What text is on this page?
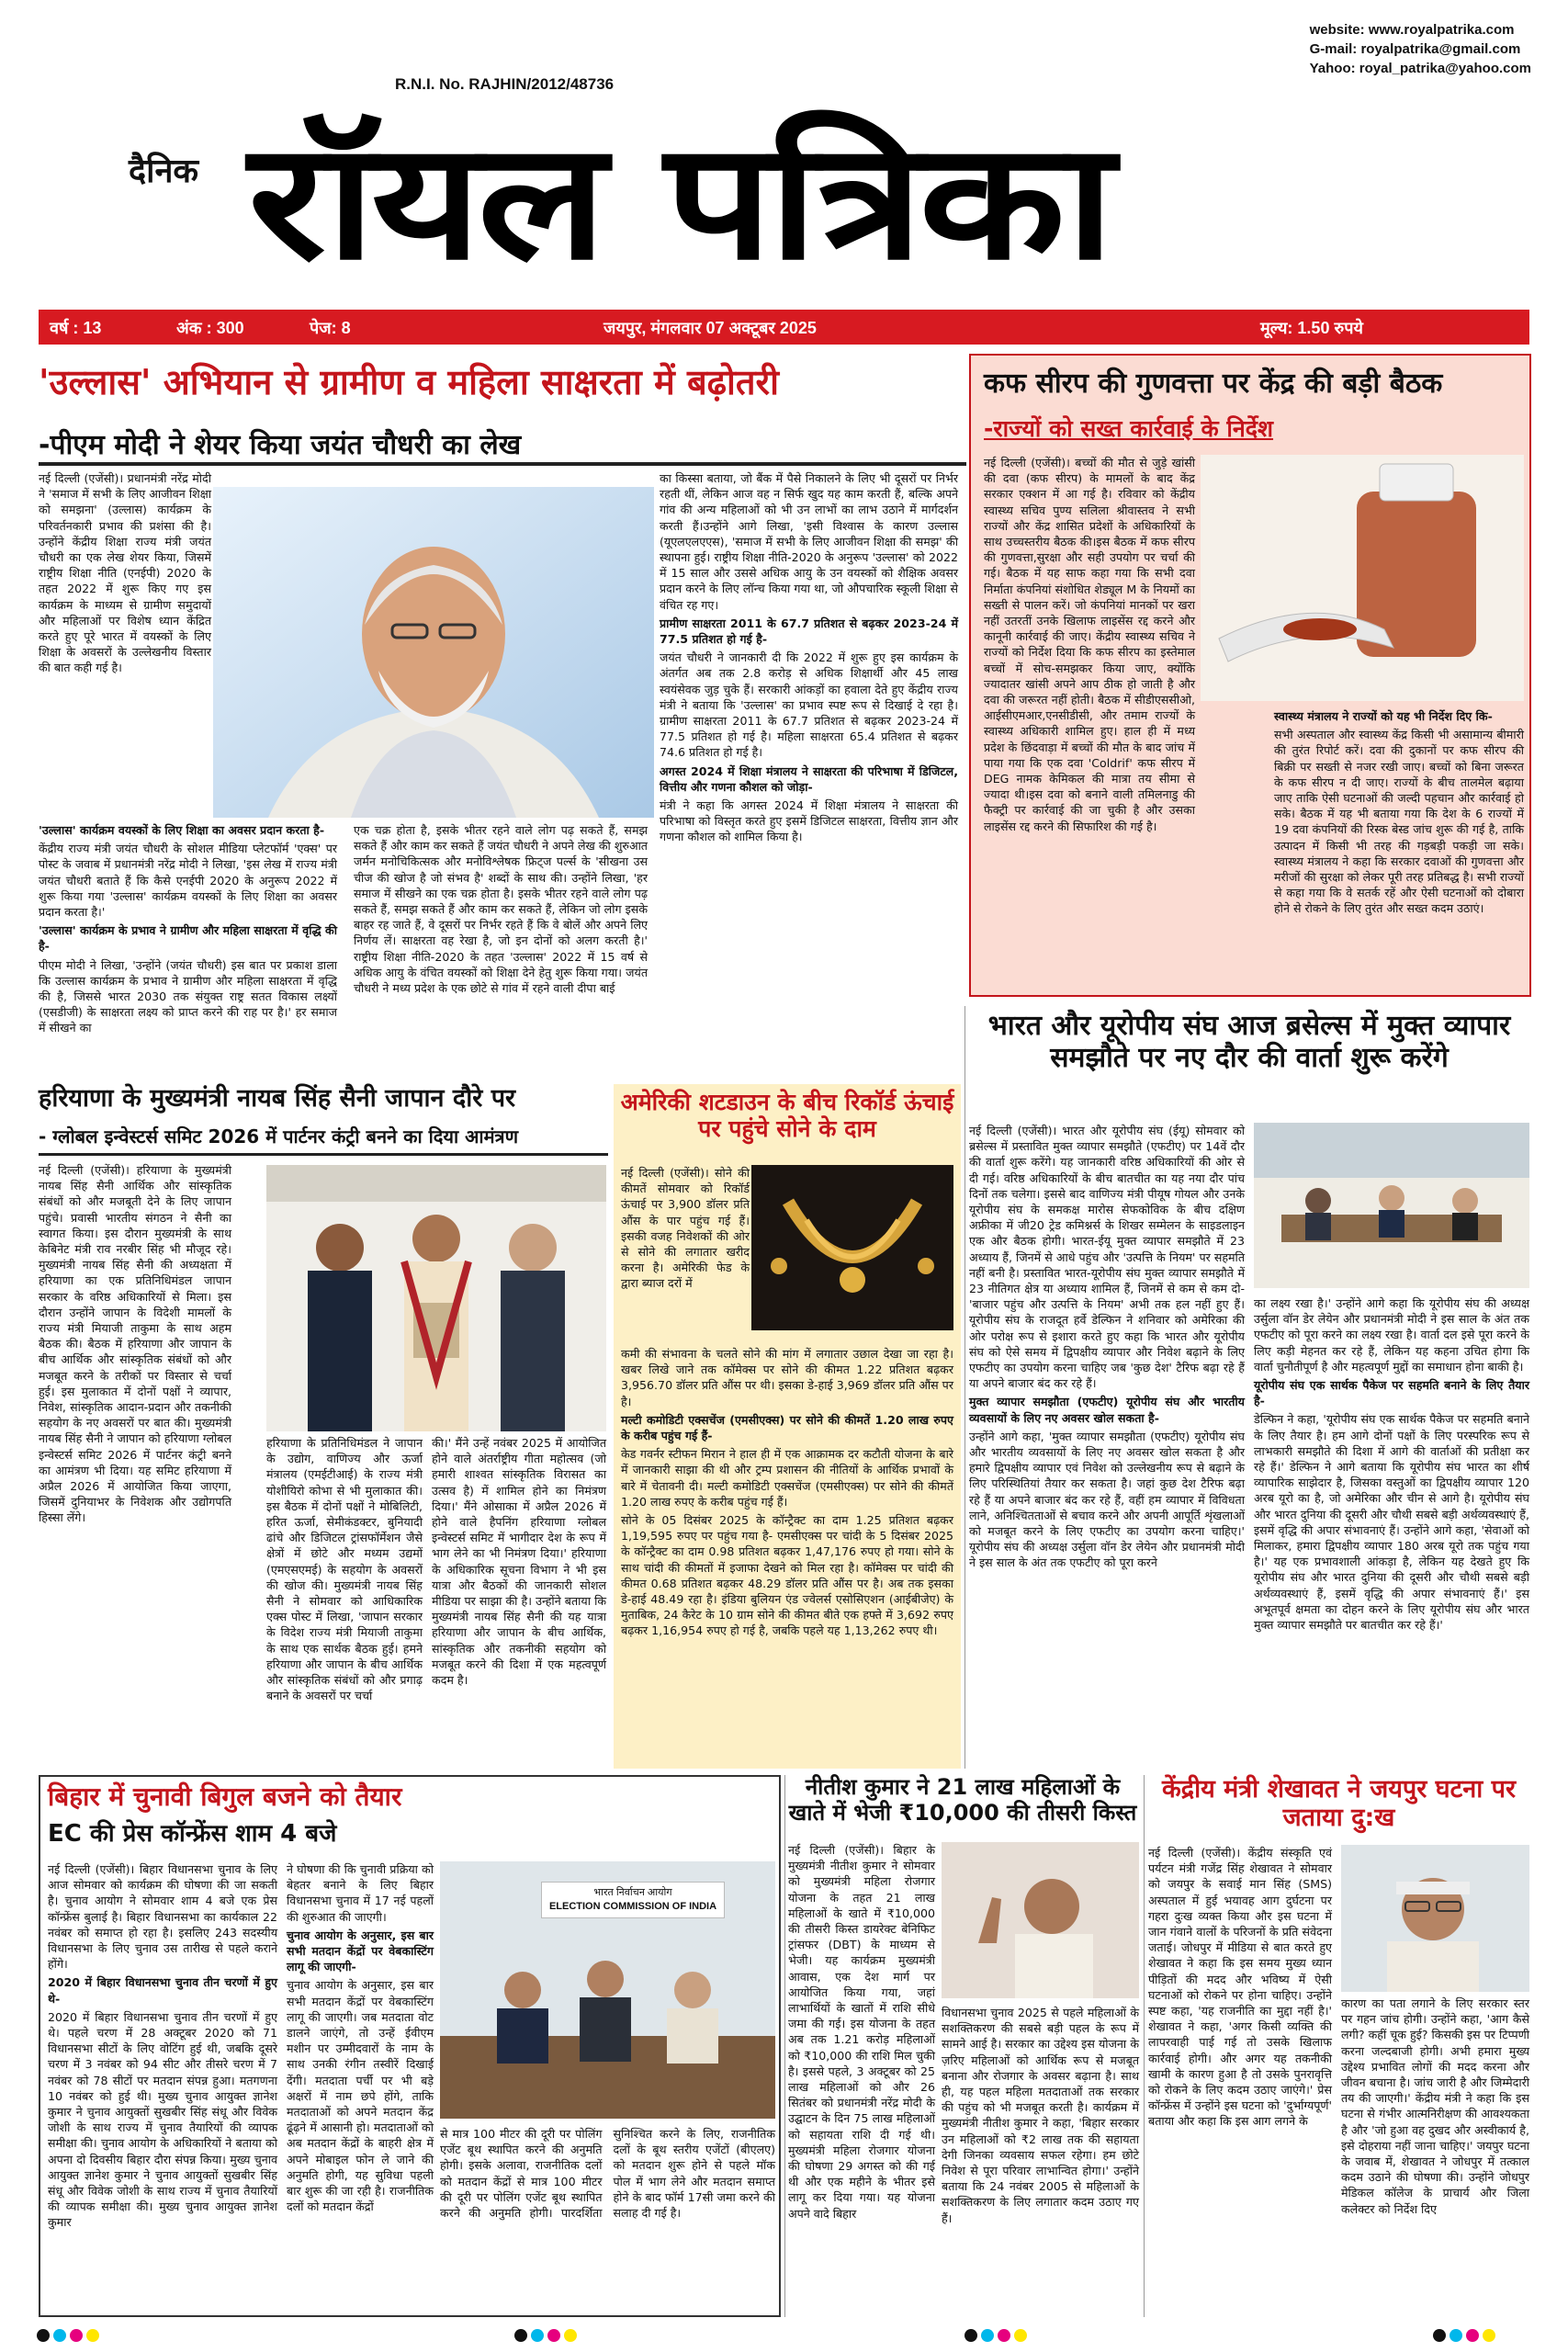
website: www.royalpatrika.com
G-mail: royalpatrika@gmail.com
Yahoo: royal_patrika@yahoo.com
R.N.I. No. RAJHIN/2012/48736
दैनिक रॉयल पत्रिका
वर्ष : 13	अंक : 300	पेज: 8	जयपुर, मंगलवार 07 अक्टूबर 2025	मूल्य: 1.50 रुपये
'उल्लास' अभियान से ग्रामीण व महिला साक्षरता में बढ़ोतरी
-पीएम मोदी ने शेयर किया जयंत चौधरी का लेख

नई दिल्ली (एजेंसी)। प्रधानमंत्री नरेंद्र मोदी ने 'समाज में सभी के लिए आजीवन शिक्षा को समझना' (उल्लास) कार्यक्रम के परिवर्तनकारी प्रभाव की प्रशंसा की है। उन्होंने केंद्रीय शिक्षा राज्य मंत्री जयंत चौधरी का एक लेख शेयर किया, जिसमें राष्ट्रीय शिक्षा नीति (एनईपी) 2020 के तहत 2022 में शुरू किए गए इस कार्यक्रम के माध्यम से ग्रामीण समुदायों और महिलाओं पर विशेष ध्यान केंद्रित करते हुए पूरे भारत में वयस्कों के लिए शिक्षा के अवसरों के उल्लेखनीय विस्तार की बात कही गई है।

'उल्लास' कार्यक्रम वयस्कों के लिए शिक्षा का अवसर प्रदान करता है-

केंद्रीय राज्य मंत्री जयंत चौधरी के सोशल मीडिया प्लेटफॉर्म 'एक्स' पर पोस्ट के जवाब में प्रधानमंत्री नरेंद्र मोदी ने लिखा, 'इस लेख में राज्य मंत्री जयंत चौधरी बताते हैं कि कैसे एनईपी 2020 के अनुरूप 2022 में शुरू किया गया 'उल्लास' कार्यक्रम वयस्कों के लिए शिक्षा का अवसर प्रदान करता है।'

'उल्लास' कार्यक्रम के प्रभाव ने ग्रामीण और महिला साक्षरता में वृद्धि की है-

पीएम मोदी ने लिखा, 'उन्होंने (जयंत चौधरी) इस बात पर प्रकाश डाला कि उल्लास कार्यक्रम के प्रभाव ने ग्रामीण और महिला साक्षरता में वृद्धि की है, जिससे भारत 2030 तक संयुक्त राष्ट्र सतत विकास लक्ष्यों (एसडीजी) के साक्षरता लक्ष्य को प्राप्त करने की राह पर है।' हर समाज में सीखने का

एक चक्र होता है, इसके भीतर रहने वाले लोग पढ़ सकते हैं, समझ सकते हैं और काम कर सकते हैं जयंत चौधरी ने अपने लेख की शुरुआत जर्मन मनोचिकित्सक और मनोविश्लेषक फ्रिट्ज पर्ल्स के 'सीखना उस चीज की खोज है जो संभव है' शब्दों के साथ की। उन्होंने लिखा, 'हर समाज में सीखने का एक चक्र होता है। इसके भीतर रहने वाले लोग पढ़ सकते हैं, समझ सकते हैं और काम कर सकते हैं, लेकिन जो लोग इसके बाहर रह जाते हैं, वे दूसरों पर निर्भर रहते हैं कि वे बोलें और अपने लिए निर्णय लें। साक्षरता वह रेखा है, जो इन दोनों को अलग करती है।' राष्ट्रीय शिक्षा नीति-2020 के तहत 'उल्लास' 2022 में 15 वर्ष से अधिक आयु के वंचित वयस्कों को शिक्षा देने हेतु शुरू किया गया। जयंत चौधरी ने मध्य प्रदेश के एक छोटे से गांव में रहने वाली दीपा बाई

का किस्सा बताया, जो बैंक में पैसे निकालने के लिए भी दूसरों पर निर्भर रहती थीं, लेकिन आज वह न सिर्फ खुद यह काम करती हैं, बल्कि अपने गांव की अन्य महिलाओं को भी उन लाभों का लाभ उठाने में मार्गदर्शन करती हैं।उन्होंने आगे लिखा, 'इसी विश्वास के कारण उल्लास (यूएलएलएएस), 'समाज में सभी के लिए आजीवन शिक्षा की समझ' की स्थापना हुई। राष्ट्रीय शिक्षा नीति-2020 के अनुरूप 'उल्लास' को 2022 में 15 साल और उससे अधिक आयु के उन वयस्कों को शैक्षिक अवसर प्रदान करने के लिए लॉन्च किया गया था, जो औपचारिक स्कूली शिक्षा से वंचित रह गए।

प्रामीण साक्षरता 2011 के 67.7 प्रतिशत से बढ़कर 2023-24 में 77.5 प्रतिशत हो गई है-

जयंत चौधरी ने जानकारी दी कि 2022 में शुरू हुए इस कार्यक्रम के अंतर्गत अब तक 2.8 करोड़ से अधिक शिक्षार्थी और 45 लाख स्वयंसेवक जुड़ चुके हैं। सरकारी आंकड़ों का हवाला देते हुए केंद्रीय राज्य मंत्री ने बताया कि 'उल्लास' का प्रभाव स्पष्ट रूप से दिखाई दे रहा है। ग्रामीण साक्षरता 2011 के 67.7 प्रतिशत से बढ़कर 2023-24 में 77.5 प्रतिशत हो गई है। महिला साक्षरता 65.4 प्रतिशत से बढ़कर 74.6 प्रतिशत हो गई है।

अगस्त 2024 में शिक्षा मंत्रालय ने साक्षरता की परिभाषा में डिजिटल, वित्तीय और गणना कौशल को जोड़ा-

मंत्री ने कहा कि अगस्त 2024 में शिक्षा मंत्रालय ने साक्षरता की परिभाषा को विस्तृत करते हुए इसमें डिजिटल साक्षरता, वित्तीय ज्ञान और गणना कौशल को शामिल किया है।

कफ सीरप की गुणवत्ता पर केंद्र की बड़ी बैठक
-राज्यों को सख्त कार्रवाई के निर्देश

नई दिल्ली (एजेंसी)। बच्चों की मौत से जुड़े खांसी की दवा (कफ सीरप) के मामलों के बाद केंद्र सरकार एक्शन में आ गई है। रविवार को केंद्रीय स्वास्थ्य सचिव पुण्य सलिला श्रीवास्तव ने सभी राज्यों और केंद्र शासित प्रदेशों के अधिकारियों के साथ उच्चस्तरीय बैठक की।इस बैठक में कफ सीरप की गुणवत्ता,सुरक्षा और सही उपयोग पर चर्चा की गई। बैठक में यह साफ कहा गया कि सभी दवा निर्माता कंपनियां संशोधित शेड्यूल M के नियमों का सख्ती से पालन करें। जो कंपनियां मानकों पर खरा नहीं उतरतीं उनके खिलाफ लाइसेंस रद्द करने और कानूनी कार्रवाई की जाए। केंद्रीय स्वास्थ्य सचिव ने राज्यों को निर्देश दिया कि कफ सीरप का इस्तेमाल बच्चों में सोच-समझकर किया जाए, क्योंकि ज्यादातर खांसी अपने आप ठीक हो जाती है और दवा की जरूरत नहीं होती। बैठक में सीडीएससीओ, आईसीएमआर,एनसीडीसी, और तमाम राज्यों के स्वास्थ्य अधिकारी शामिल हुए। हाल ही में मध्य प्रदेश के छिंदवाड़ा में बच्चों की मौत के बाद जांच में पाया गया कि एक दवा 'Coldrif' कफ सीरप में DEG नामक केमिकल की मात्रा तय सीमा से ज्यादा थी।इस दवा को बनाने वाली तमिलनाडु की फैक्ट्री पर कार्रवाई की जा चुकी है और उसका लाइसेंस रद्द करने की सिफारिश की गई है।

स्वास्थ्य मंत्रालय ने राज्यों को यह भी निर्देश दिए कि-

सभी अस्पताल और स्वास्थ्य केंद्र किसी भी असामान्य बीमारी की तुरंत रिपोर्ट करें। दवा की दुकानों पर कफ सीरप की बिक्री पर सख्ती से नजर रखी जाए। बच्चों को बिना जरूरत के कफ सीरप न दी जाए। राज्यों के बीच तालमेल बढ़ाया जाए ताकि ऐसी घटनाओं की जल्दी पहचान और कार्रवाई हो सके। बैठक में यह भी बताया गया कि देश के 6 राज्यों में 19 दवा कंपनियों की रिस्क बेस्ड जांच शुरू की गई है, ताकि उत्पादन में किसी भी तरह की गड़बड़ी पकड़ी जा सके। स्वास्थ्य मंत्रालय ने कहा कि सरकार दवाओं की गुणवत्ता और मरीजों की सुरक्षा को लेकर पूरी तरह प्रतिबद्ध है। सभी राज्यों से कहा गया कि वे सतर्क रहें और ऐसी घटनाओं को दोबारा होने से रोकने के लिए तुरंत और सख्त कदम उठाएं।

भारत और यूरोपीय संघ आज ब्रसेल्स में मुक्त व्यापार समझौते पर नए दौर की वार्ता शुरू करेंगे

नई दिल्ली (एजेंसी)। भारत और यूरोपीय संघ (ईयू) सोमवार को ब्रसेल्स में प्रस्तावित मुक्त व्यापार समझौते (एफटीए) पर 14वें दौर की वार्ता शुरू करेंगे। यह जानकारी वरिष्ठ अधिकारियों की ओर से दी गई। वरिष्ठ अधिकारियों के बीच बातचीत का यह नया दौर पांच दिनों तक चलेगा। इससे बाद वाणिज्य मंत्री पीयूष गोयल और उनके यूरोपीय संघ के समकक्ष मारोस सेफकोविक के बीच दक्षिण अफ्रीका में जी20 ट्रेड कमिश्नर्स के शिखर सम्मेलन के साइडलाइन एक और बैठक होगी। भारत-ईयू मुक्त व्यापार समझौते में 23 अध्याय हैं, जिनमें से आधे पहुंच और 'उत्पत्ति के नियम' पर सहमति नहीं बनी है। प्रस्तावित भारत-यूरोपीय संघ मुक्त व्यापार समझौते में 23 नीतिगत क्षेत्र या अध्याय शामिल हैं, जिनमें से कम से कम दो-'बाजार पहुंच और उत्पत्ति के नियम' अभी तक हल नहीं हुए हैं। यूरोपीय संघ के राजदूत हर्वे डेल्फिन ने शनिवार को अमेरिका की ओर परोक्ष रूप से इशारा करते हुए कहा कि भारत और यूरोपीय संघ को ऐसे समय में द्विपक्षीय व्यापार और निवेश बढ़ाने के लिए एफटीए का उपयोग करना चाहिए जब 'कुछ देश' टैरिफ बढ़ा रहे हैं या अपने बाजार बंद कर रहे हैं।

मुक्त व्यापार समझौता (एफटीए) यूरोपीय संघ और भारतीय व्यवसायों के लिए नए अवसर खोल सकता है-

उन्होंने आगे कहा, 'मुक्त व्यापार समझौता (एफटीए) यूरोपीय संघ और भारतीय व्यवसायों के लिए नए अवसर खोल सकता है और हमारे द्विपक्षीय व्यापार एवं निवेश को उल्लेखनीय रूप से बढ़ाने के लिए परिस्थितियां तैयार कर सकता है। जहां कुछ देश टैरिफ बढ़ा रहे हैं या अपने बाजार बंद कर रहे हैं, वहीं हम व्यापार में विविधता लाने, अनिश्चितताओं से बचाव करने और अपनी आपूर्ति शृंखलाओं को मजबूत करने के लिए एफटीए का उपयोग करना चाहिए।' यूरोपीय संघ की अध्यक्ष उर्सुला वॉन डेर लेयेन और प्रधानमंत्री मोदी ने इस साल के अंत तक एफटीए को पूरा करने

का लक्ष्य रखा है।' उन्होंने आगे कहा कि यूरोपीय संघ की अध्यक्ष उर्सुला वॉन डेर लेयेन और प्रधानमंत्री मोदी ने इस साल के अंत तक एफटीए को पूरा करने का लक्ष्य रखा है। वार्ता दल इसे पूरा करने के लिए कड़ी मेहनत कर रहे हैं, लेकिन यह कहना उचित होगा कि वार्ता चुनौतीपूर्ण है और महत्वपूर्ण मुद्दों का समाधान होना बाकी है।

यूरोपीय संघ एक सार्थक पैकेज पर सहमति बनाने के लिए तैयार है-

डेल्फिन ने कहा, 'यूरोपीय संघ एक सार्थक पैकेज पर सहमति बनाने के लिए तैयार है। हम आगे दोनों पक्षों के लिए परस्परिक रूप से लाभकारी समझौते की दिशा में आगे की वार्ताओं की प्रतीक्षा कर रहे हैं।' डेल्फिन ने आगे बताया कि यूरोपीय संघ भारत का शीर्ष व्यापारिक साझेदार है, जिसका वस्तुओं का द्विपक्षीय व्यापार 120 अरब यूरो का है, जो अमेरिका और चीन से आगे है। यूरोपीय संघ और भारत दुनिया की दूसरी और चौथी सबसे बड़ी अर्थव्यवस्थाएं हैं, इसमें वृद्धि की अपार संभावनाएं हैं। उन्होंने आगे कहा, 'सेवाओं को मिलाकर, हमारा द्विपक्षीय व्यापार 180 अरब यूरो तक पहुंच गया है।' यह एक प्रभावशाली आंकड़ा है, लेकिन यह देखते हुए कि यूरोपीय संघ और भारत दुनिया की दूसरी और चौथी सबसे बड़ी अर्थव्यवस्थाएं हैं, इसमें वृद्धि की अपार संभावनाएं हैं।' इस अभूतपूर्व क्षमता का दोहन करने के लिए यूरोपीय संघ और भारत मुक्त व्यापार समझौते पर बातचीत कर रहे हैं।'

हरियाणा के मुख्यमंत्री नायब सिंह सैनी जापान दौरे पर
- ग्लोबल इन्वेस्टर्स समिट 2026 में पार्टनर कंट्री बनने का दिया आमंत्रण

नई दिल्ली (एजेंसी)। हरियाणा के मुख्यमंत्री नायब सिंह सैनी आर्थिक और सांस्कृतिक संबंधों को और मजबूती देने के लिए जापान पहुंचे। प्रवासी भारतीय संगठन ने सैनी का स्वागत किया। इस दौरान मुख्यमंत्री के साथ केबिनेट मंत्री राव नरबीर सिंह भी मौजूद रहे। मुख्यमंत्री नायब सिंह सैनी की अध्यक्षता में हरियाणा का एक प्रतिनिधिमंडल जापान सरकार के वरिष्ठ अधिकारियों से मिला। इस दौरान उन्होंने जापान के विदेशी मामलों के राज्य मंत्री मियाजी ताकुमा के साथ अहम बैठक की। बैठक में हरियाणा और जापान के बीच आर्थिक और सांस्कृतिक संबंधों को और मजबूत करने के तरीकों पर विस्तार से चर्चा हुई। इस मुलाकात में दोनों पक्षों ने व्यापार, निवेश, सांस्कृतिक आदान-प्रदान और तकनीकी सहयोग के नए अवसरों पर बात की। मुख्यमंत्री नायब सिंह सैनी ने जापान को हरियाणा ग्लोबल इन्वेस्टर्स समिट 2026 में पार्टनर कंट्री बनने का आमंत्रण भी दिया। यह समिट हरियाणा में अप्रैल 2026 में आयोजित किया जाएगा, जिसमें दुनियाभर के निवेशक और उद्योगपति हिस्सा लेंगे।

हरियाणा के प्रतिनिधिमंडल ने जापान के उद्योग, वाणिज्य और ऊर्जा मंत्रालय (एमईटीआई) के राज्य मंत्री योशीयिरो कोभा से भी मुलाकात की। इस बैठक में दोनों पक्षों ने मोबिलिटी, हरित ऊर्जा, सेमीकंडक्टर, बुनियादी ढांचे और डिजिटल ट्रांसफॉर्मेशन जैसे क्षेत्रों में छोटे और मध्यम उद्यमों (एमएसएमई) के सहयोग के अवसरों की खोज की। मुख्यमंत्री नायब सिंह सैनी ने सोमवार को आधिकारिक एक्स पोस्ट में लिखा, 'जापान सरकार के विदेश राज्य मंत्री मियाजी ताकुमा के साथ एक सार्थक बैठक हुई। हमने हरियाणा और जापान के बीच आर्थिक और सांस्कृतिक संबंधों को और प्रगाढ़ बनाने के अवसरों पर चर्चा

की।' मैंने उन्हें नवंबर 2025 में आयोजित होने वाले अंतर्राष्ट्रीय गीता महोत्सव (जो हमारी शाश्वत सांस्कृतिक विरासत का उत्सव है) में शामिल होने का निमंत्रण दिया।' मैंने ओसाका में अप्रैल 2026 में होने वाले हैपनिंग हरियाणा ग्लोबल इन्वेस्टर्स समिट में भागीदार देश के रूप में भाग लेने का भी निमंत्रण दिया।' हरियाणा के अधिकारिक सूचना विभाग ने भी इस यात्रा और बैठकों की जानकारी सोशल मीडिया पर साझा की है। उन्होंने बताया कि मुख्यमंत्री नायब सिंह सैनी की यह यात्रा हरियाणा और जापान के बीच आर्थिक, सांस्कृतिक और तकनीकी सहयोग को मजबूत करने की दिशा में एक महत्वपूर्ण कदम है।

अमेरिकी शटडाउन के बीच रिकॉर्ड ऊंचाई पर पहुंचे सोने के दाम

नई दिल्ली (एजेंसी)। सोने की कीमतें सोमवार को रिकॉर्ड ऊंचाई पर 3,900 डॉलर प्रति औंस के पार पहुंच गई हैं। इसकी वजह निवेशकों की ओर से सोने की लगातार खरीद करना है। अमेरिकी फेड के द्वारा ब्याज दरों में

कमी की संभावना के चलते सोने की मांग में लगातार उछाल देखा जा रहा है। खबर लिखे जाने तक कॉमेक्स पर सोने की कीमत 1.22 प्रतिशत बढ़कर 3,956.70 डॉलर प्रति औंस पर थी। इसका डे-हाई 3,969 डॉलर प्रति औंस पर है।

मल्टी कमोडिटी एक्सचेंज (एमसीएक्स) पर सोने की कीमतें 1.20 लाख रुपए के करीब पहुंच गई हैं-

केड गवर्नर स्टीफन मिरान ने हाल ही में एक आक्रामक दर कटौती योजना के बारे में जानकारी साझा की थी और ट्रम्प प्रशासन की नीतियों के आर्थिक प्रभावों के बारे में चेतावनी दी। मल्टी कमोडिटी एक्सचेंज (एमसीएक्स) पर सोने की कीमतें 1.20 लाख रुपए के करीब पहुंच गई हैं।

सोने के 05 दिसंबर 2025 के कॉन्ट्रैक्ट का दाम 1.25 प्रतिशत बढ़कर 1,19,595 रुपए पर पहुंच गया है- एमसीएक्स पर चांदी के 5 दिसंबर 2025 के कॉन्ट्रैक्ट का दाम 0.98 प्रतिशत बढ़कर 1,47,176 रुपए हो गया। सोने के साथ चांदी की कीमतों में इजाफा देखने को मिल रहा है। कॉमेक्स पर चांदी की कीमत 0.68 प्रतिशत बढ़कर 48.29 डॉलर प्रति औंस पर है। अब तक इसका डे-हाई 48.49 रहा है। इंडिया बुलियन एंड ज्वेलर्स एसोसिएशन (आईबीजेए) के मुताबिक, 24 कैरेट के 10 ग्राम सोने की कीमत बीते एक हफ्ते में 3,692 रुपए बढ़कर 1,16,954 रुपए हो गई है, जबकि पहले यह 1,13,262 रुपए थी।

बिहार में चुनावी बिगुल बजने को तैयार
EC की प्रेस कॉन्फ्रेंस शाम 4 बजे

नई दिल्ली (एजेंसी)। बिहार विधानसभा चुनाव के लिए आज सोमवार को कार्यक्रम की घोषणा की जा सकती है। चुनाव आयोग ने सोमवार शाम 4 बजे एक प्रेस कॉन्फ्रेंस बुलाई है। बिहार विधानसभा का कार्यकाल 22 नवंबर को समाप्त हो रहा है। इसलिए 243 सदस्यीय विधानसभा के लिए चुनाव उस तारीख से पहले कराने होंगे।

2020 में बिहार विधानसभा चुनाव तीन चरणों में हुए थे-

2020 में बिहार विधानसभा चुनाव तीन चरणों में हुए थे। पहले चरण में 28 अक्टूबर 2020 को 71 विधानसभा सीटों के लिए वोटिंग हुई थी, जबकि दूसरे चरण में 3 नवंबर को 94 सीट और तीसरे चरण में 7 नवंबर को 78 सीटों पर मतदान संपन्न हुआ। मतगणना 10 नवंबर को हुई थी। मुख्य चुनाव आयुक्त ज्ञानेश कुमार ने चुनाव आयुक्तों सुखबीर सिंह संधू और विवेक जोशी के साथ राज्य में चुनाव तैयारियों की व्यापक समीक्षा की। चुनाव आयोग के अधिकारियों ने बताया को अपना दो दिवसीय बिहार दौरा संपन्न किया। मुख्य चुनाव आयुक्त ज्ञानेश कुमार ने चुनाव आयुक्तों सुखबीर सिंह संधू और विवेक जोशी के साथ राज्य में चुनाव तैयारियों की व्यापक समीक्षा की। मुख्य चुनाव आयुक्त ज्ञानेश कुमार

ने घोषणा की कि चुनावी प्रक्रिया को बेहतर बनाने के लिए बिहार विधानसभा चुनाव में 17 नई पहलों की शुरुआत की जाएगी।

चुनाव आयोग के अनुसार, इस बार सभी मतदान केंद्रों पर वेबकास्टिंग लागू की जाएगी-

चुनाव आयोग के अनुसार, इस बार सभी मतदान केंद्रों पर वेबकास्टिंग लागू की जाएगी। जब मतदाता वोट डालने जाएंगे, तो उन्हें ईवीएम मशीन पर उम्मीदवारों के नाम के साथ उनकी रंगीन तस्वीरें दिखाई देंगी। मतदाता पर्ची पर भी बड़े अक्षरों में नाम छपे होंगे, ताकि मतदाताओं को अपने मतदान केंद्र ढूंढ़ने में आसानी हो। मतदाताओं को अब मतदान केंद्रों के बाहरी क्षेत्र में अपने मोबाइल फोन ले जाने की अनुमति होगी, यह सुविधा पहली बार शुरू की जा रही है। राजनीतिक दलों को मतदान केंद्रों

भारत निर्वाचन आयोग
ELECTION COMMISSION OF INDIA

से मात्र 100 मीटर की दूरी पर पोलिंग एजेंट बूथ स्थापित करने की अनुमति होगी। इसके अलावा, राजनीतिक दलों को मतदान केंद्रों से मात्र 100 मीटर की दूरी पर पोलिंग एजेंट बूथ स्थापित करने की अनुमति होगी। पारदर्शिता सुनिश्चित करने के लिए, राजनीतिक दलों के बूथ स्तरीय एजेंटों (बीएलए) को मतदान शुरू होने से पहले मॉक पोल में भाग लेने और मतदान समाप्त होने के बाद फॉर्म 17सी जमा करने की सलाह दी गई है।

नीतीश कुमार ने 21 लाख महिलाओं के खाते में भेजी ₹10,000 की तीसरी किस्त

नई दिल्ली (एजेंसी)। बिहार के मुख्यमंत्री नीतीश कुमार ने सोमवार को मुख्यमंत्री महिला रोजगार योजना के तहत 21 लाख महिलाओं के खाते में ₹10,000 की तीसरी किस्त डायरेक्ट बेनिफिट ट्रांसफर (DBT) के माध्यम से भेजी। यह कार्यक्रम मुख्यमंत्री आवास, एक देश मार्ग पर आयोजित किया गया, जहां लाभार्थियों के खातों में राशि सीधे जमा की गई। इस योजना के तहत अब तक 1.21 करोड़ महिलाओं को ₹10,000 की राशि मिल चुकी है। इससे पहले, 3 अक्टूबर को 25 लाख महिलाओं को और 26 सितंबर को प्रधानमंत्री नरेंद्र मोदी के उद्घाटन के दिन 75 लाख महिलाओं को सहायता राशि दी गई थी। मुख्यमंत्री महिला रोजगार योजना की घोषणा 29 अगस्त को की गई थी और एक महीने के भीतर इसे लागू कर दिया गया। यह योजना अपने वादे बिहार

विधानसभा चुनाव 2025 से पहले महिलाओं के सशक्तिकरण की सबसे बड़ी पहल के रूप में सामने आई है। सरकार का उद्देश्य इस योजना के ज़रिए महिलाओं को आर्थिक रूप से मजबूत बनाना और रोजगार के अवसर बढ़ाना है। साथ ही, यह पहल महिला मतदाताओं तक सरकार की पहुंच को भी मजबूत करती है। कार्यक्रम में मुख्यमंत्री नीतीश कुमार ने कहा, 'बिहार सरकार उन महिलाओं को ₹2 लाख तक की सहायता देगी जिनका व्यवसाय सफल रहेगा। हम छोटे निवेश से पूरा परिवार लाभान्वित होगा।' उन्होंने बताया कि 24 नवंबर 2005 से महिलाओं के सशक्तिकरण के लिए लगातार कदम उठाए गए हैं।

केंद्रीय मंत्री शेखावत ने जयपुर घटना पर जताया दु:ख

नई दिल्ली (एजेंसी)। केंद्रीय संस्कृति एवं पर्यटन मंत्री गजेंद्र सिंह शेखावत ने सोमवार को जयपुर के सवाई मान सिंह (SMS) अस्पताल में हुई भयावह आग दुर्घटना पर गहरा दुःख व्यक्त किया और इस घटना में जान गंवाने वालों के परिजनों के प्रति संवेदना जताई। जोधपुर में मीडिया से बात करते हुए शेखावत ने कहा कि इस समय मुख्य ध्यान पीड़ितों की मदद और भविष्य में ऐसी घटनाओं को रोकने पर होना चाहिए। उन्होंने स्पष्ट कहा, 'यह राजनीति का मुद्दा नहीं है।' शेखावत ने कहा, 'अगर किसी व्यक्ति की लापरवाही पाई गई तो उसके खिलाफ कार्रवाई होगी। और अगर यह तकनीकी खामी के कारण हुआ है तो उसके पुनरावृत्ति को रोकने के लिए कदम उठाए जाएंगे।' प्रेस कॉन्फ्रेंस में उन्होंने इस घटना को 'दुर्भाग्यपूर्ण' बताया और कहा कि इस आग लगने के

कारण का पता लगाने के लिए सरकार स्तर पर गहन जांच होगी। उन्होंने कहा, 'आग कैसे लगी? कहीं चूक हुई? किसकी इस पर टिप्पणी करना जल्दबाजी होगी। अभी हमारा मुख्य उद्देश्य प्रभावित लोगों की मदद करना और जीवन बचाना है। जांच जारी है और जिम्मेदारी तय की जाएगी।' केंद्रीय मंत्री ने कहा कि इस घटना से गंभीर आत्मनिरीक्षण की आवश्यकता है और 'जो हुआ वह दुखद और अस्वीकार्य है, इसे दोहराया नहीं जाना चाहिए।' जयपुर घटना के जवाब में, शेखावत ने जोधपुर में तत्काल कदम उठाने की घोषणा की। उन्होंने जोधपुर मेडिकल कॉलेज के प्राचार्य और जिला कलेक्टर को निर्देश दिए
